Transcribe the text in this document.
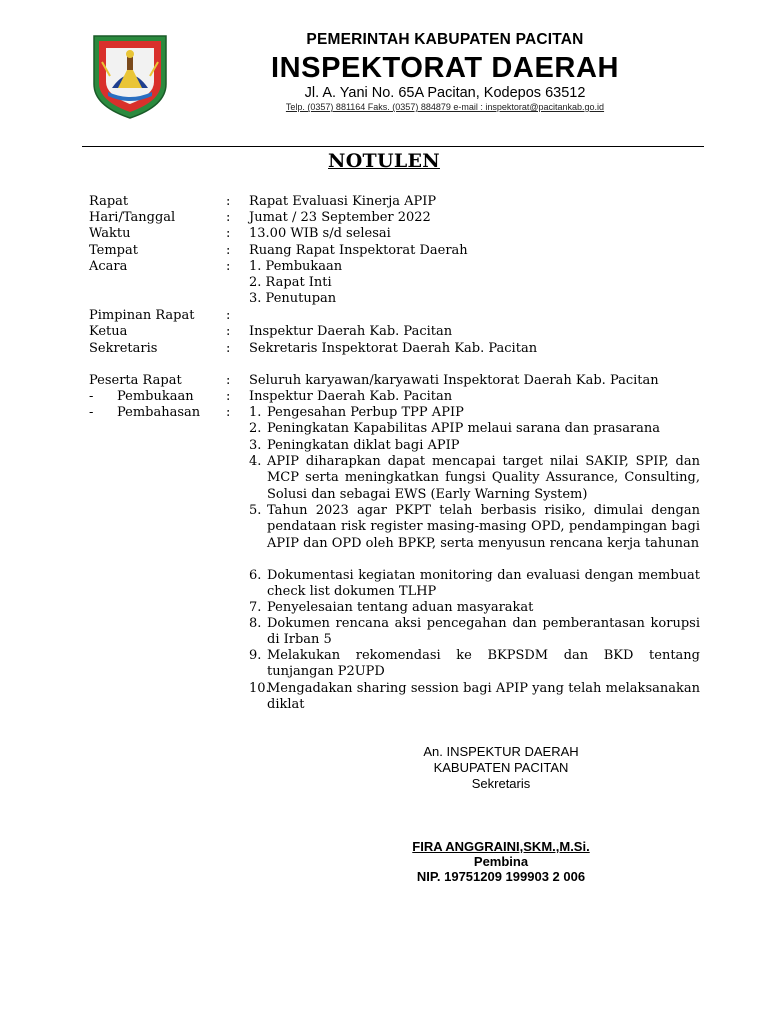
PEMERINTAH KABUPATEN PACITAN
INSPEKTORAT DAERAH
Jl. A. Yani No. 65A Pacitan, Kodepos 63512
Telp. (0357) 881164 Faks. (0357) 884879 e-mail : inspektorat@pacitankab.go.id
NOTULEN
Rapat	: Rapat Evaluasi Kinerja APIP
Hari/Tanggal	: Jumat / 23 September 2022
Waktu	: 13.00 WIB s/d selesai
Tempat	: Ruang Rapat Inspektorat Daerah
Acara	: 1. Pembukaan
2. Rapat Inti
3. Penutupan
Pimpinan Rapat :
Ketua	: Inspektur Daerah Kab. Pacitan
Sekretaris	: Sekretaris Inspektorat Daerah Kab. Pacitan
Peserta Rapat	: Seluruh karyawan/karyawati Inspektorat Daerah Kab. Pacitan
- Pembukaan : Inspektur Daerah Kab. Pacitan
- Pembahasan : 1. Pengesahan Perbup TPP APIP
2. Peningkatan Kapabilitas APIP melaui sarana dan prasarana
3. Peningkatan diklat bagi APIP
4. APIP diharapkan dapat mencapai target nilai SAKIP, SPIP, dan MCP serta meningkatkan fungsi Quality Assurance, Consulting, Solusi dan sebagai EWS (Early Warning System)
5. Tahun 2023 agar PKPT telah berbasis risiko, dimulai dengan pendataan risk register masing-masing OPD, pendampingan bagi APIP dan OPD oleh BPKP, serta menyusun rencana kerja tahunan
6. Dokumentasi kegiatan monitoring dan evaluasi dengan membuat check list dokumen TLHP
7. Penyelesaian tentang aduan masyarakat
8. Dokumen rencana aksi pencegahan dan pemberantasan korupsi di Irban 5
9. Melakukan rekomendasi ke BKPSDM dan BKD tentang tunjangan P2UPD
10.
Mengadakan sharing session bagi APIP yang telah melaksanakan diklat
An. INSPEKTUR DAERAH
KABUPATEN PACITAN
Sekretaris
FIRA ANGGRAINI,SKM.,M.Si.
Pembina
NIP. 19751209 199903 2 006
